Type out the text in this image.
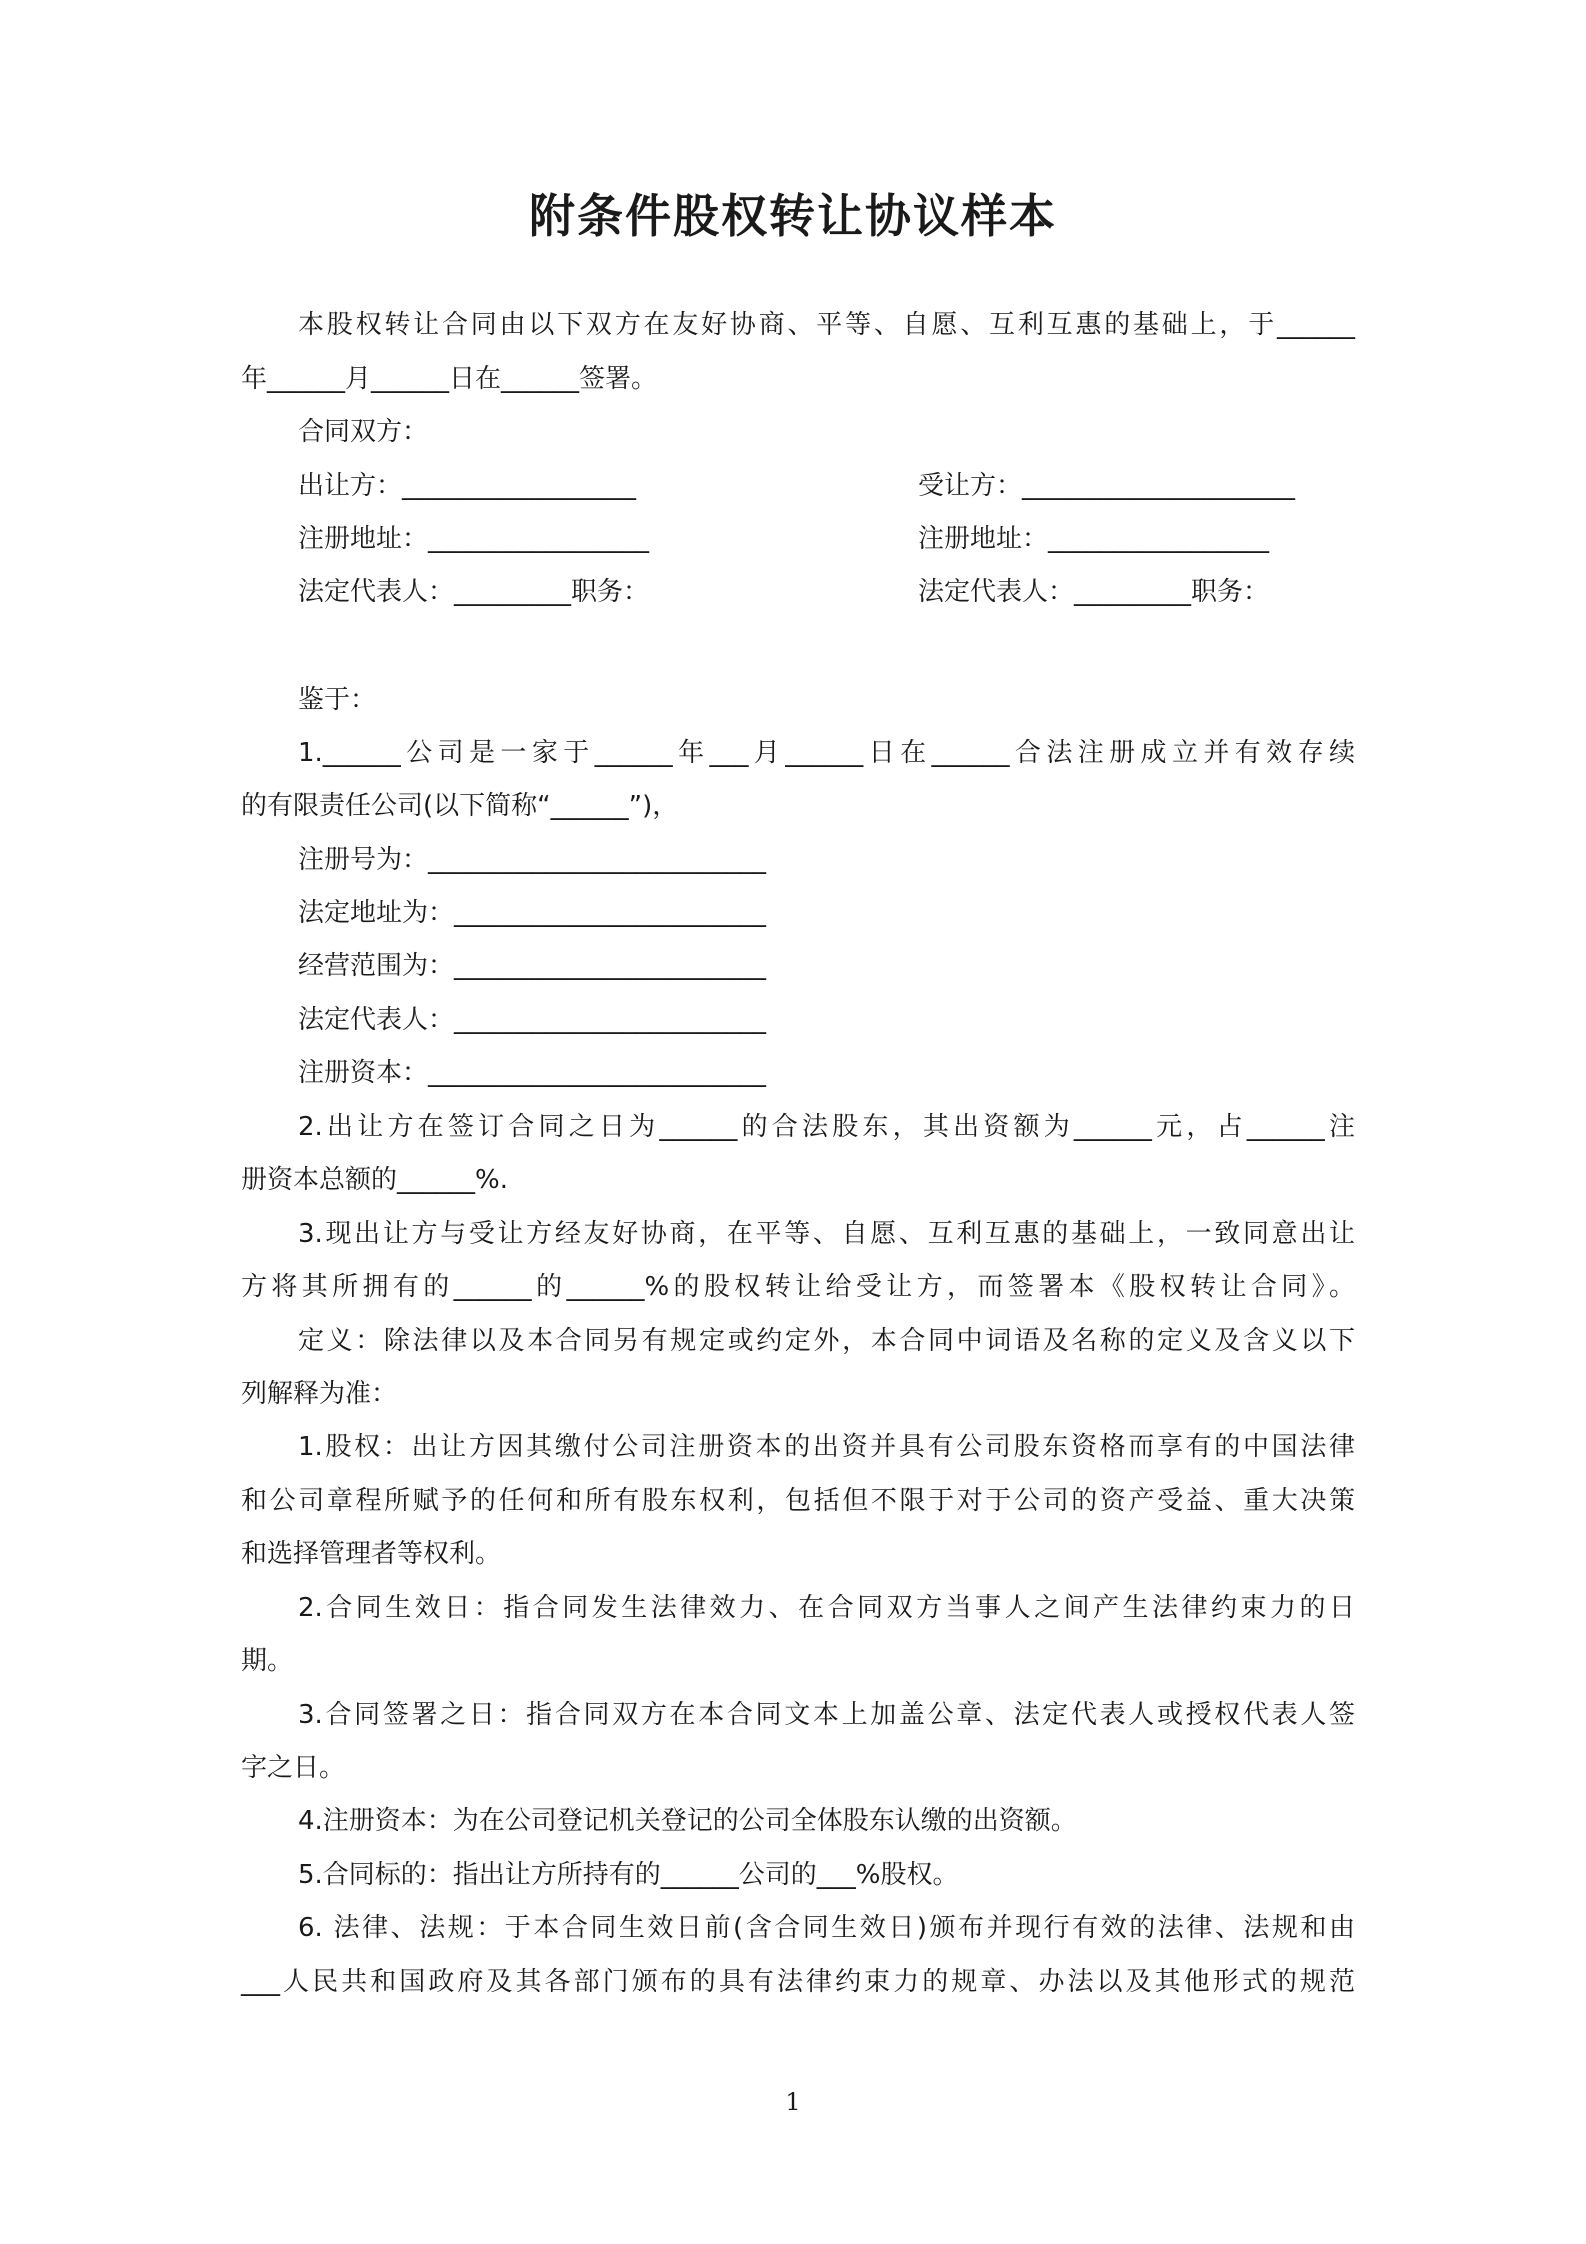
附条件股权转让协议样本
本股权转让合同由以下双方在友好协商、平等、自愿、互利互惠的基础上，于______
年______月______日在______签署。
合同双方：
出让方：__________________	受让方：_____________________
注册地址：_________________	注册地址：_________________
法定代表人：_________职务：	法定代表人：_________职务：
鉴于：
1.______公司是一家于______年___月______日在______合法注册成立并有效存续
的有限责任公司(以下简称“______”)，
注册号为：__________________________
法定地址为：________________________
经营范围为：________________________
法定代表人：________________________
注册资本：__________________________
2.出让方在签订合同之日为______的合法股东，其出资额为______元，占______注
册资本总额的______%.
3.现出让方与受让方经友好协商，在平等、自愿、互利互惠的基础上，一致同意出让
方将其所拥有的______的______%的股权转让给受让方，而签署本《股权转让合同》。
定义：除法律以及本合同另有规定或约定外，本合同中词语及名称的定义及含义以下
列解释为准：
1.股权：出让方因其缴付公司注册资本的出资并具有公司股东资格而享有的中国法律
和公司章程所赋予的任何和所有股东权利，包括但不限于对于公司的资产受益、重大决策
和选择管理者等权利。
2.合同生效日：指合同发生法律效力、在合同双方当事人之间产生法律约束力的日
期。
3.合同签署之日：指合同双方在本合同文本上加盖公章、法定代表人或授权代表人签
字之日。
4.注册资本：为在公司登记机关登记的公司全体股东认缴的出资额。
5.合同标的：指出让方所持有的______公司的___%股权。
6. 法律、法规：于本合同生效日前(含合同生效日)颁布并现行有效的法律、法规和由
___人民共和国政府及其各部门颁布的具有法律约束力的规章、办法以及其他形式的规范
1
